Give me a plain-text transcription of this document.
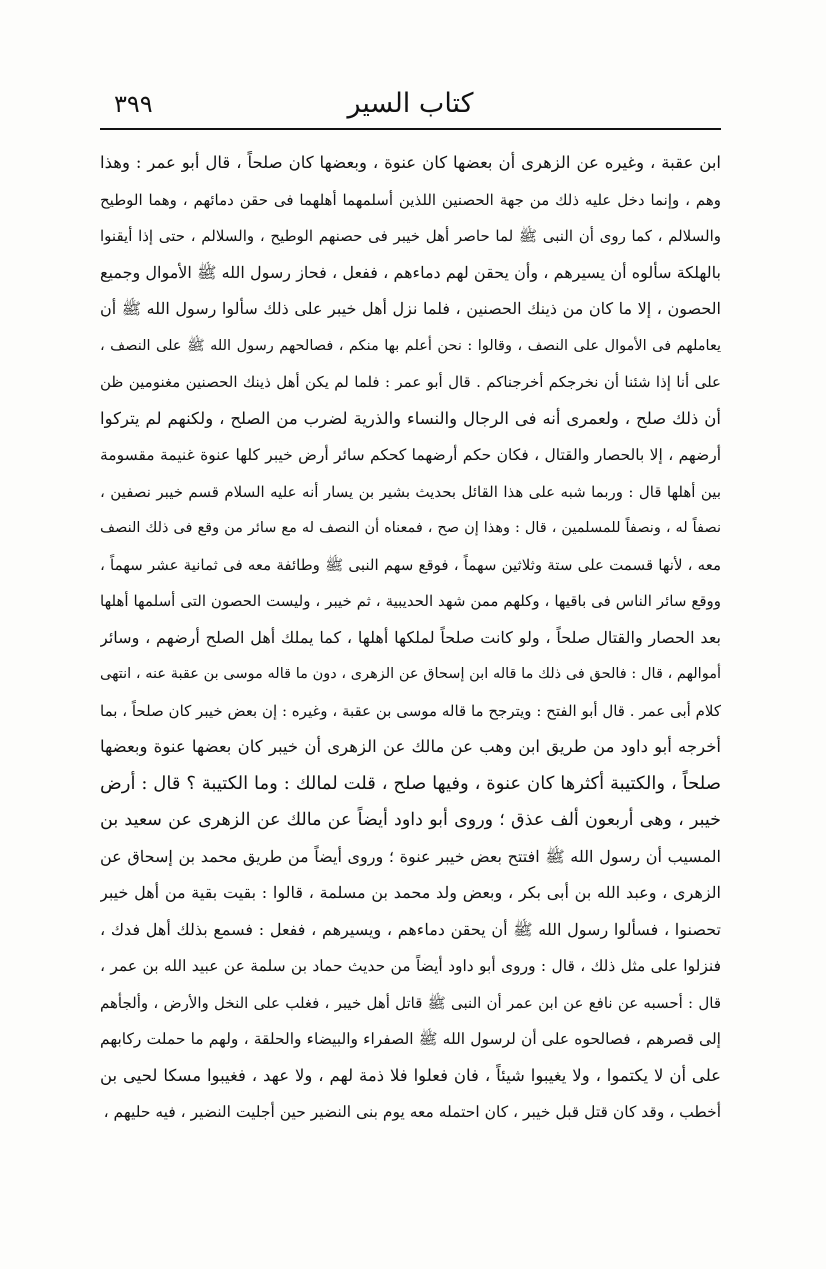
كتاب السير
٣٩٩
ابن عقبة ، وغيره عن الزهرى أن بعضها كان عنوة ، وبعضها كان صلحاً ، قال أبو عمر : وهذا
وهم ، وإنما دخل عليه ذلك من جهة الحصنين اللذين أسلمهما أهلهما فى حقن دمائهم ، وهما الوطيح
والسلالم ، كما روى أن النبى ﷺ لما حاصر أهل خيبر فى حصنهم الوطيح ، والسلالم ، حتى إذا أيقنوا
بالهلكة سألوه أن يسيرهم ، وأن يحقن لهم دماءهم ، ففعل ، فحاز رسول الله ﷺ الأموال وجميع
الحصون ، إلا ما كان من ذينك الحصنين ، فلما نزل أهل خيبر على ذلك سألوا رسول الله ﷺ أن
يعاملهم فى الأموال على النصف ، وقالوا : نحن أعلم بها منكم ، فصالحهم رسول الله ﷺ على النصف ،
على أنا إذا شئنا أن نخرجكم أخرجناكم . قال أبو عمر : فلما لم يكن أهل ذينك الحصنين مغنومين ظن
أن ذلك صلح ، ولعمرى أنه فى الرجال والنساء والذرية لضرب من الصلح ، ولكنهم لم يتركوا
أرضهم ، إلا بالحصار والقتال ، فكان حكم أرضهما كحكم سائر أرض خيبر كلها عنوة غنيمة مقسومة
بين أهلها قال : وربما شبه على هذا القائل بحديث بشير بن يسار أنه عليه السلام قسم خيبر نصفين ،
نصفاً له ، ونصفاً للمسلمين ، قال : وهذا إن صح ، فمعناه أن النصف له مع سائر من وقع فى ذلك النصف
معه ، لأنها قسمت على ستة وثلاثين سهماً ، فوقع سهم النبى ﷺ وطائفة معه فى ثمانية عشر سهماً ،
ووقع سائر الناس فى باقيها ، وكلهم ممن شهد الحديبية ، ثم خيبر ، وليست الحصون التى أسلمها أهلها
بعد الحصار والقتال صلحاً ، ولو كانت صلحاً لملكها أهلها ، كما يملك أهل الصلح أرضهم ، وسائر
أموالهم ، قال : فالحق فى ذلك ما قاله ابن إسحاق عن الزهرى ، دون ما قاله موسى بن عقبة عنه ، انتهى
كلام أبى عمر . قال أبو الفتح : ويترجح ما قاله موسى بن عقبة ، وغيره : إن بعض خيبر كان صلحاً ، بما
أخرجه أبو داود من طريق ابن وهب عن مالك عن الزهرى أن خيبر كان بعضها عنوة وبعضها
صلحاً ، والكتيبة أكثرها كان عنوة ، وفيها صلح ، قلت لمالك : وما الكتيبة ؟ قال : أرض
خيبر ، وهى أربعون ألف عذق ؛ وروى أبو داود أيضاً عن مالك عن الزهرى عن سعيد بن
المسيب أن رسول الله ﷺ افتتح بعض خيبر عنوة ؛ وروى أيضاً من طريق محمد بن إسحاق عن
الزهرى ، وعبد الله بن أبى بكر ، وبعض ولد محمد بن مسلمة ، قالوا : بقيت بقية من أهل خيبر
تحصنوا ، فسألوا رسول الله ﷺ أن يحقن دماءهم ، ويسيرهم ، ففعل : فسمع بذلك أهل فدك ،
فنزلوا على مثل ذلك ، قال : وروى أبو داود أيضاً من حديث حماد بن سلمة عن عبيد الله بن عمر ،
قال : أحسبه عن نافع عن ابن عمر أن النبى ﷺ قاتل أهل خيبر ، فغلب على النخل والأرض ، وألجأهم
إلى قصرهم ، فصالحوه على أن لرسول الله ﷺ الصفراء والبيضاء والحلقة ، ولهم ما حملت ركابهم
على أن لا يكتموا ، ولا يغيبوا شيئاً ، فان فعلوا فلا ذمة لهم ، ولا عهد ، فغيبوا مسكا لحيى بن
أخطب ، وقد كان قتل قبل خيبر ، كان احتمله معه يوم بنى النضير حين أجليت النضير ، فيه حليهم ،
